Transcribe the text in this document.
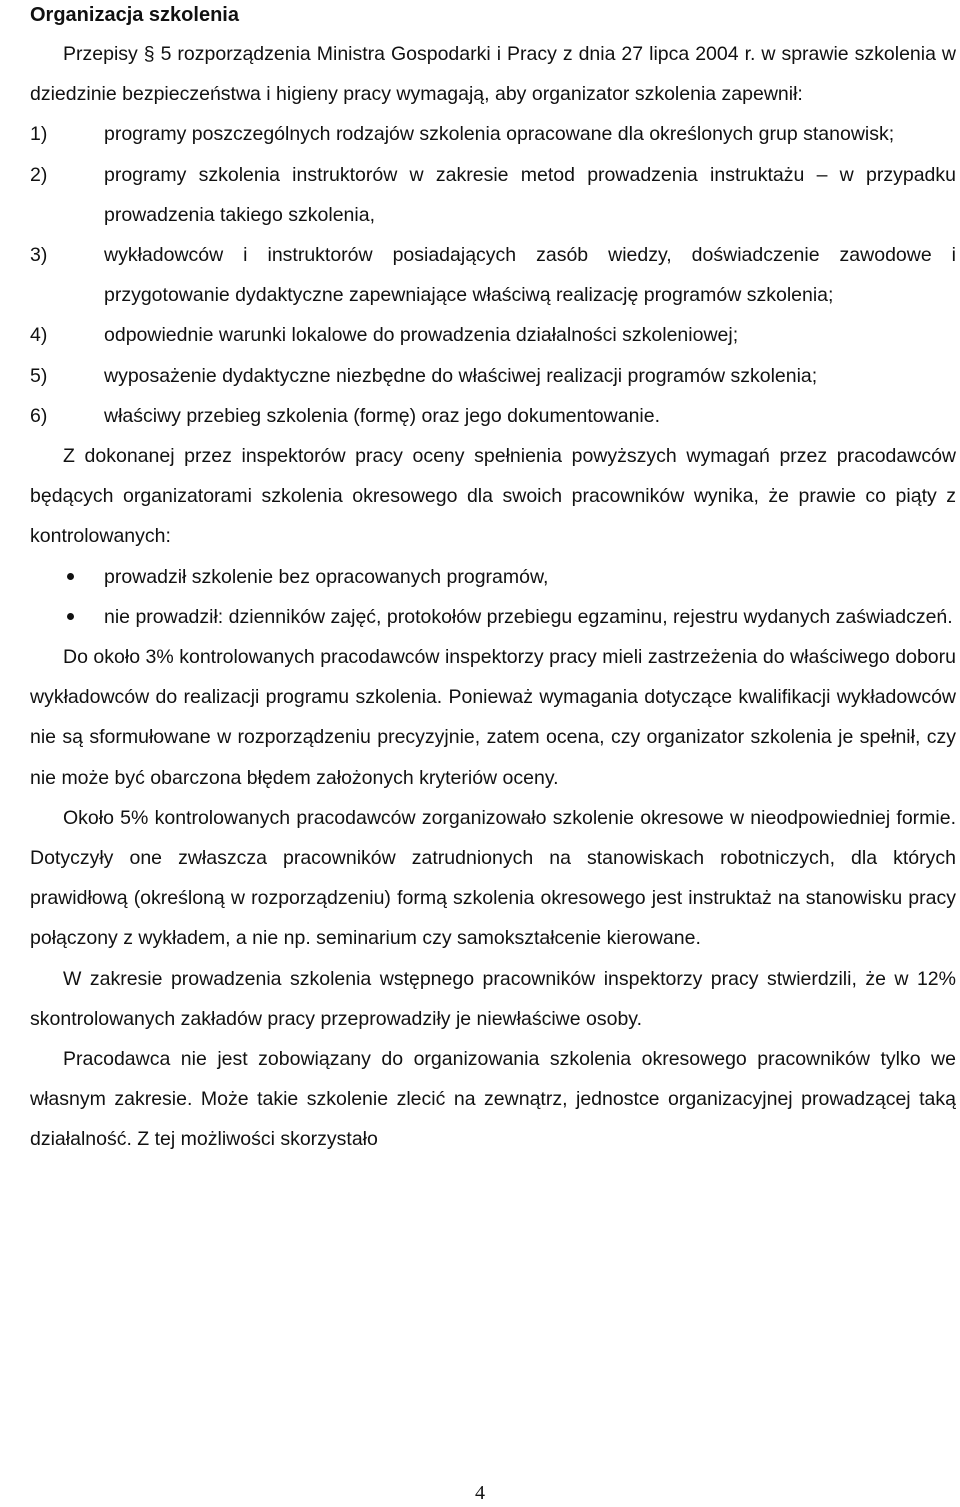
Organizacja szkolenia

Przepisy § 5 rozporządzenia Ministra Gospodarki i Pracy z dnia 27 lipca 2004 r. w sprawie szkolenia w dziedzinie bezpieczeństwa i higieny pracy wymagają, aby organizator szkolenia zapewnił:

1)	programy poszczególnych rodzajów szkolenia opracowane dla określonych grup stanowisk;
2)	programy szkolenia instruktorów w zakresie metod prowadzenia instruktażu – w przypadku prowadzenia takiego szkolenia,
3)	wykładowców i instruktorów posiadających zasób wiedzy, doświadczenie zawodowe i przygotowanie dydaktyczne zapewniające właściwą realizację programów szkolenia;
4)	odpowiednie warunki lokalowe do prowadzenia działalności szkoleniowej;
5)	wyposażenie dydaktyczne niezbędne do właściwej realizacji programów szkolenia;
6)	właściwy przebieg szkolenia (formę) oraz jego dokumentowanie.

Z dokonanej przez inspektorów pracy oceny spełnienia powyższych wymagań przez pracodawców będących organizatorami szkolenia okresowego dla swoich pracowników wynika, że prawie co piąty z kontrolowanych:

prowadził szkolenie bez opracowanych programów,
nie prowadził: dzienników zajęć, protokołów przebiegu egzaminu, rejestru wydanych zaświadczeń.

Do około 3% kontrolowanych pracodawców inspektorzy pracy mieli zastrzeżenia do właściwego doboru wykładowców do realizacji programu szkolenia. Ponieważ wymagania dotyczące kwalifikacji wykładowców nie są sformułowane w rozporządzeniu precyzyjnie, zatem ocena, czy organizator szkolenia je spełnił, czy nie może być obarczona błędem założonych kryteriów oceny.

Około 5% kontrolowanych pracodawców zorganizowało szkolenie okresowe w nieodpowiedniej formie. Dotyczyły one zwłaszcza pracowników zatrudnionych na stanowiskach robotniczych, dla których prawidłową (określoną w rozporządzeniu) formą szkolenia okresowego jest instruktaż na stanowisku pracy połączony z wykładem, a nie np. seminarium czy samokształcenie kierowane.

W zakresie prowadzenia szkolenia wstępnego pracowników inspektorzy pracy stwierdzili, że w 12% skontrolowanych zakładów pracy przeprowadziły je niewłaściwe osoby.

Pracodawca nie jest zobowiązany do organizowania szkolenia okresowego pracowników tylko we własnym zakresie. Może takie szkolenie zlecić na zewnątrz, jednostce organizacyjnej prowadzącej taką działalność. Z tej możliwości skorzystało

4
